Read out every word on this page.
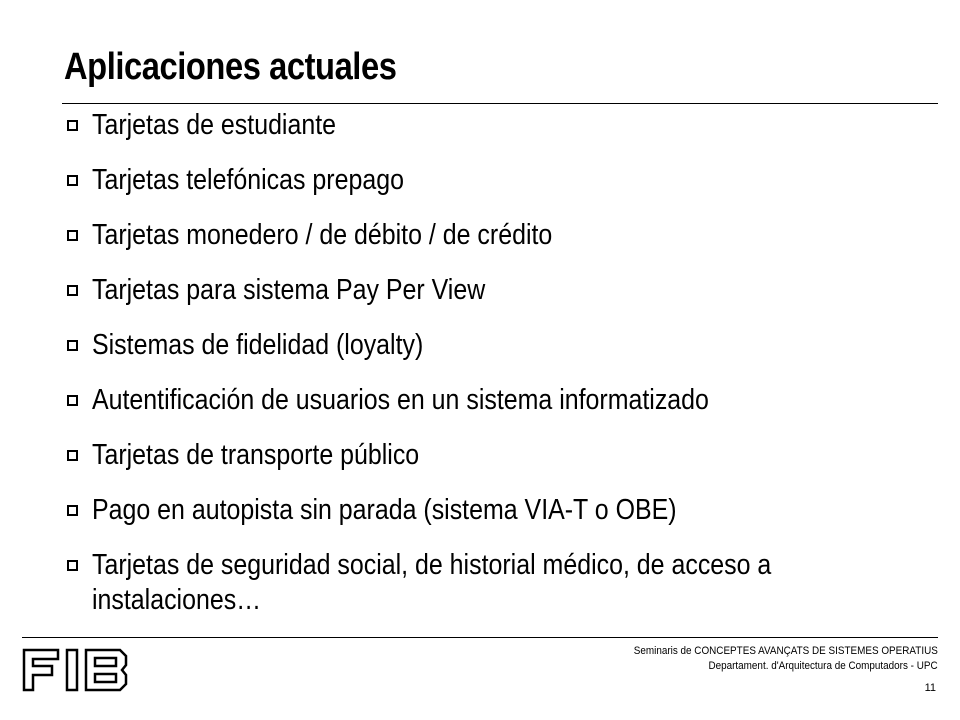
Aplicaciones actuales
Tarjetas de estudiante
Tarjetas telefónicas prepago
Tarjetas monedero / de débito / de crédito
Tarjetas para sistema Pay Per View
Sistemas de fidelidad (loyalty)
Autentificación de usuarios en un sistema informatizado
Tarjetas de transporte público
Pago en autopista sin parada (sistema VIA-T o OBE)
Tarjetas de seguridad social, de historial médico, de acceso a instalaciones…
Seminaris de CONCEPTES AVANÇATS DE SISTEMES OPERATIUS
Departament. d'Arquitectura de Computadors - UPC
11
